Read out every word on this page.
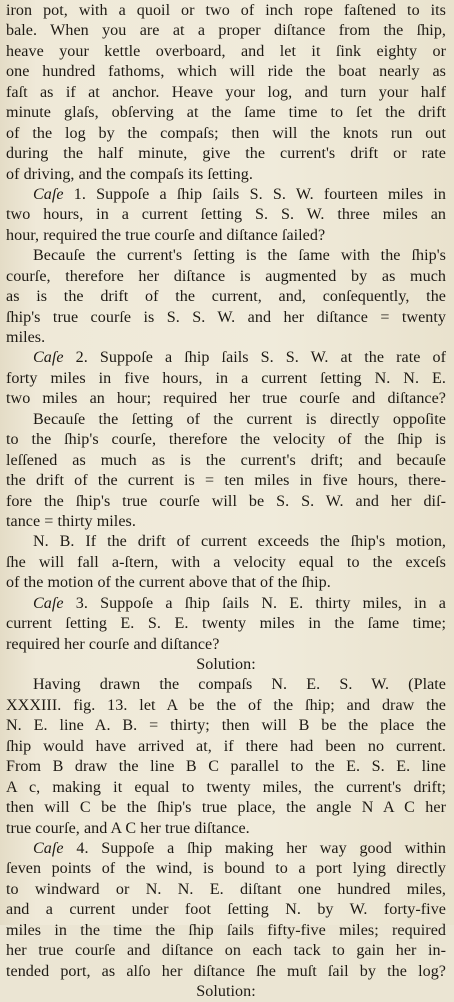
iron pot, with a quoil or two of inch rope faſtened to its
bale. When you are at a proper diſtance from the ſhip,
heave your kettle overboard, and let it ſink eighty or
one hundred fathoms, which will ride the boat nearly as
faſt as if at anchor. Heave your log, and turn your half
minute glaſs, obſerving at the ſame time to ſet the drift
of the log by the compaſs; then will the knots run out
during the half minute, give the current's drift or rate
of driving, and the compaſs its ſetting.
Caſe 1. Suppoſe a ſhip ſails S. S. W. fourteen miles in
two hours, in a current ſetting S. S. W. three miles an
hour, required the true courſe and diſtance ſailed?
Becauſe the current's ſetting is the ſame with the ſhip's
courſe, therefore her diſtance is augmented by as much
as is the drift of the current, and, conſequently, the
ſhip's true courſe is S. S. W. and her diſtance = twenty
miles.
Caſe 2. Suppoſe a ſhip ſails S. S. W. at the rate of
forty miles in five hours, in a current ſetting N. N. E.
two miles an hour; required her true courſe and diſtance?
Becauſe the ſetting of the current is directly oppoſite
to the ſhip's courſe, therefore the velocity of the ſhip is
leſſened as much as is the current's drift; and becauſe
the drift of the current is = ten miles in five hours, there-
fore the ſhip's true courſe will be S. S. W. and her diſ-
tance = thirty miles.
N. B. If the drift of current exceeds the ſhip's motion,
ſhe will fall a-ſtern, with a velocity equal to the exceſs
of the motion of the current above that of the ſhip.
Caſe 3. Suppoſe a ſhip ſails N. E. thirty miles, in a
current ſetting E. S. E. twenty miles in the ſame time;
required her courſe and diſtance?
Solution:
Having drawn the compaſs N. E. S. W. (Plate
XXXIII. fig. 13. let A be the of the ſhip; and draw the
N. E. line A. B. = thirty; then will B be the place the
ſhip would have arrived at, if there had been no current.
From B draw the line B C parallel to the E. S. E. line
A c, making it equal to twenty miles, the current's drift;
then will C be the ſhip's true place, the angle N A C her
true courſe, and A C her true diſtance.
Caſe 4. Suppoſe a ſhip making her way good within
ſeven points of the wind, is bound to a port lying directly
to windward or N. N. E. diſtant one hundred miles,
and a current under foot ſetting N. by W. forty-five
miles in the time the ſhip ſails fifty-five miles; required
her true courſe and diſtance on each tack to gain her in-
tended port, as alſo her diſtance ſhe muſt ſail by the log?
Solution:
